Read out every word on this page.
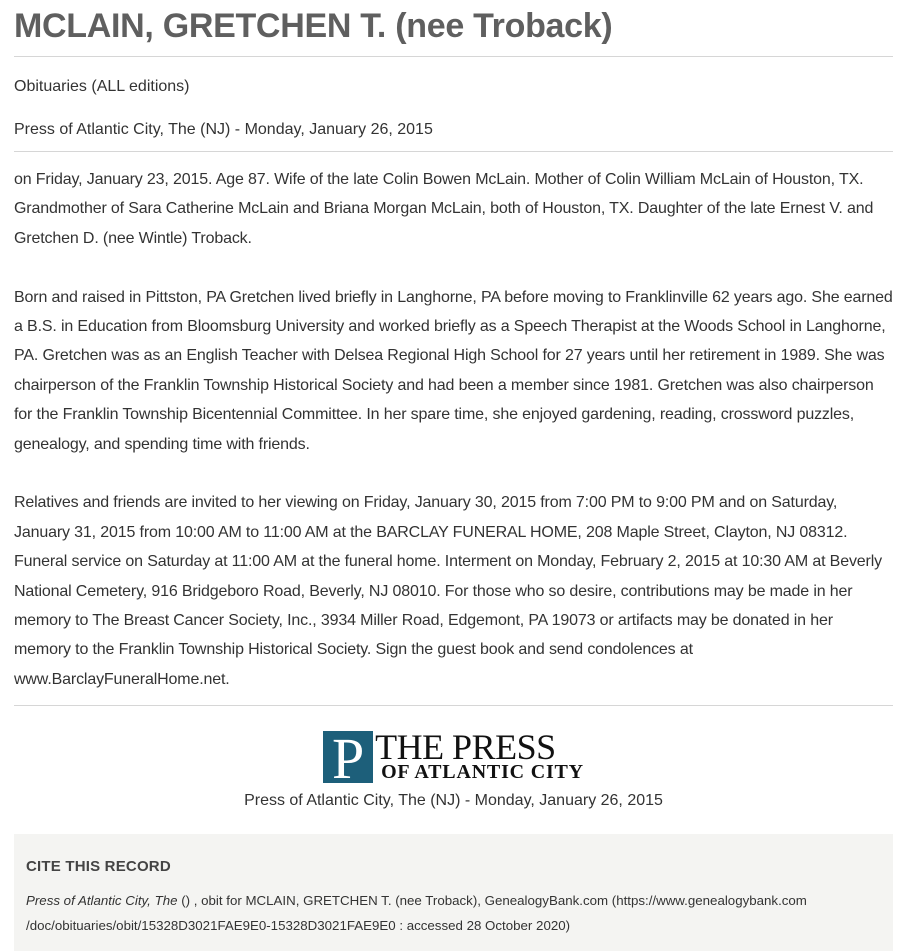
MCLAIN, GRETCHEN T. (nee Troback)
Obituaries (ALL editions)
Press of Atlantic City, The (NJ) - Monday, January 26, 2015

on Friday, January 23, 2015. Age 87. Wife of the late Colin Bowen McLain. Mother of Colin William McLain of Houston, TX. Grandmother of Sara Catherine McLain and Briana Morgan McLain, both of Houston, TX. Daughter of the late Ernest V. and Gretchen D. (nee Wintle) Troback.

Born and raised in Pittston, PA Gretchen lived briefly in Langhorne, PA before moving to Franklinville 62 years ago. She earned a B.S. in Education from Bloomsburg University and worked briefly as a Speech Therapist at the Woods School in Langhorne, PA. Gretchen was as an English Teacher with Delsea Regional High School for 27 years until her retirement in 1989. She was chairperson of the Franklin Township Historical Society and had been a member since 1981. Gretchen was also chairperson for the Franklin Township Bicentennial Committee. In her spare time, she enjoyed gardening, reading, crossword puzzles, genealogy, and spending time with friends.

Relatives and friends are invited to her viewing on Friday, January 30, 2015 from 7:00 PM to 9:00 PM and on Saturday, January 31, 2015 from 10:00 AM to 11:00 AM at the BARCLAY FUNERAL HOME, 208 Maple Street, Clayton, NJ 08312. Funeral service on Saturday at 11:00 AM at the funeral home. Interment on Monday, February 2, 2015 at 10:30 AM at Beverly National Cemetery, 916 Bridgeboro Road, Beverly, NJ 08010. For those who so desire, contributions may be made in her memory to The Breast Cancer Society, Inc., 3934 Miller Road, Edgemont, PA 19073 or artifacts may be donated in her memory to the Franklin Township Historical Society. Sign the guest book and send condolences at www.BarclayFuneralHome.net.

P THE PRESS
OF ATLANTIC CITY
Press of Atlantic City, The (NJ) - Monday, January 26, 2015
CITE THIS RECORD
Press of Atlantic City, The () , obit for MCLAIN, GRETCHEN T. (nee Troback), GenealogyBank.com (https://www.genealogybank.com /doc/obituaries/obit/15328D3021FAE9E0-15328D3021FAE9E0 : accessed 28 October 2020)
